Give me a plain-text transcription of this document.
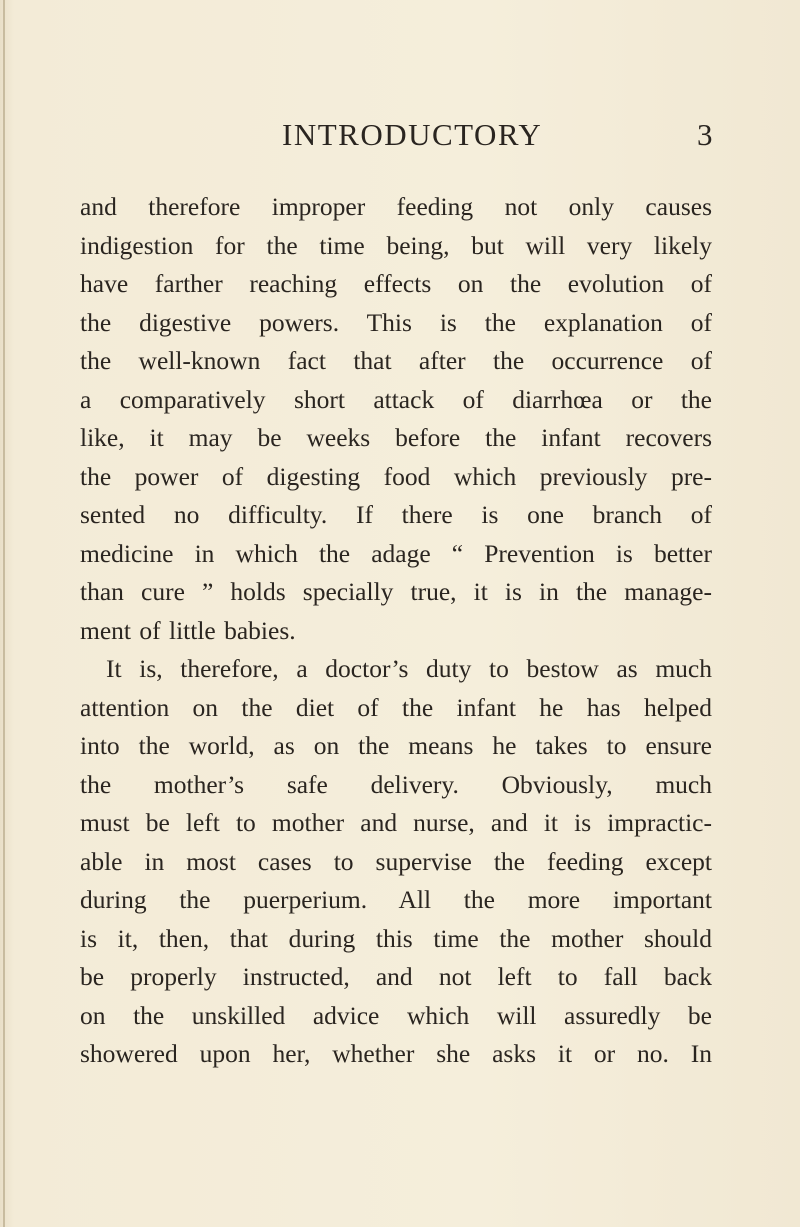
INTRODUCTORY	3
and therefore improper feeding not only causes
indigestion for the time being, but will very likely
have farther reaching effects on the evolution of
the digestive powers. This is the explanation of
the well-known fact that after the occurrence of
a comparatively short attack of diarrhœa or the
like, it may be weeks before the infant recovers
the power of digesting food which previously pre-
sented no difficulty. If there is one branch of
medicine in which the adage “ Prevention is better
than cure ” holds specially true, it is in the manage-
ment of little babies.
It is, therefore, a doctor’s duty to bestow as much
attention on the diet of the infant he has helped
into the world, as on the means he takes to ensure
the mother’s safe delivery. Obviously, much
must be left to mother and nurse, and it is impractic-
able in most cases to supervise the feeding except
during the puerperium. All the more important
is it, then, that during this time the mother should
be properly instructed, and not left to fall back
on the unskilled advice which will assuredly be
showered upon her, whether she asks it or no. In
